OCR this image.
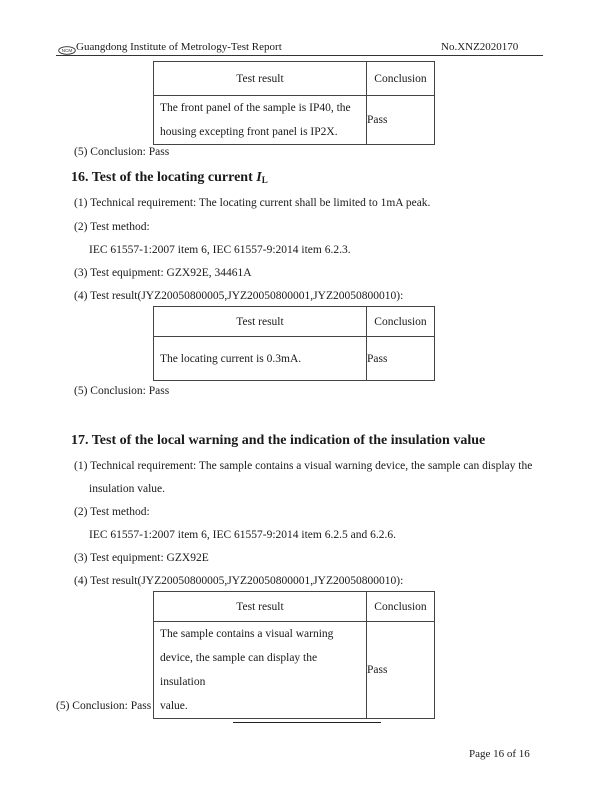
NCM Guangdong Institute of Metrology-Test Report	No.XNZ2020170
Test result	Conclusion

The front panel of the sample is IP40, the
housing excepting front panel is IP2X.	Pass
(5) Conclusion: Pass
16. Test of the locating current $I_L$
(1) Technical requirement: The locating current shall be limited to 1mA peak.
(2) Test method:
IEC 61557-1:2007 item 6, IEC 61557-9:2014 item 6.2.3.
(3) Test equipment: GZX92E, 34461A
(4) Test result(JYZ20050800005,JYZ20050800001,JYZ20050800010):
Test result	Conclusion

The locating current is 0.3mA.	Pass
(5) Conclusion: Pass
17. Test of the local warning and the indication of the insulation value
(1) Technical requirement: The sample contains a visual warning device, the sample can display the
insulation value.
(2) Test method:
IEC 61557-1:2007 item 6, IEC 61557-9:2014 item 6.2.5 and 6.2.6.
(3) Test equipment: GZX92E
(4) Test result(JYZ20050800005,JYZ20050800001,JYZ20050800010):
Test result	Conclusion

The sample contains a visual warning
device, the sample can display the insulation
value.	Pass
(5) Conclusion: Pass
Page 16 of 16
